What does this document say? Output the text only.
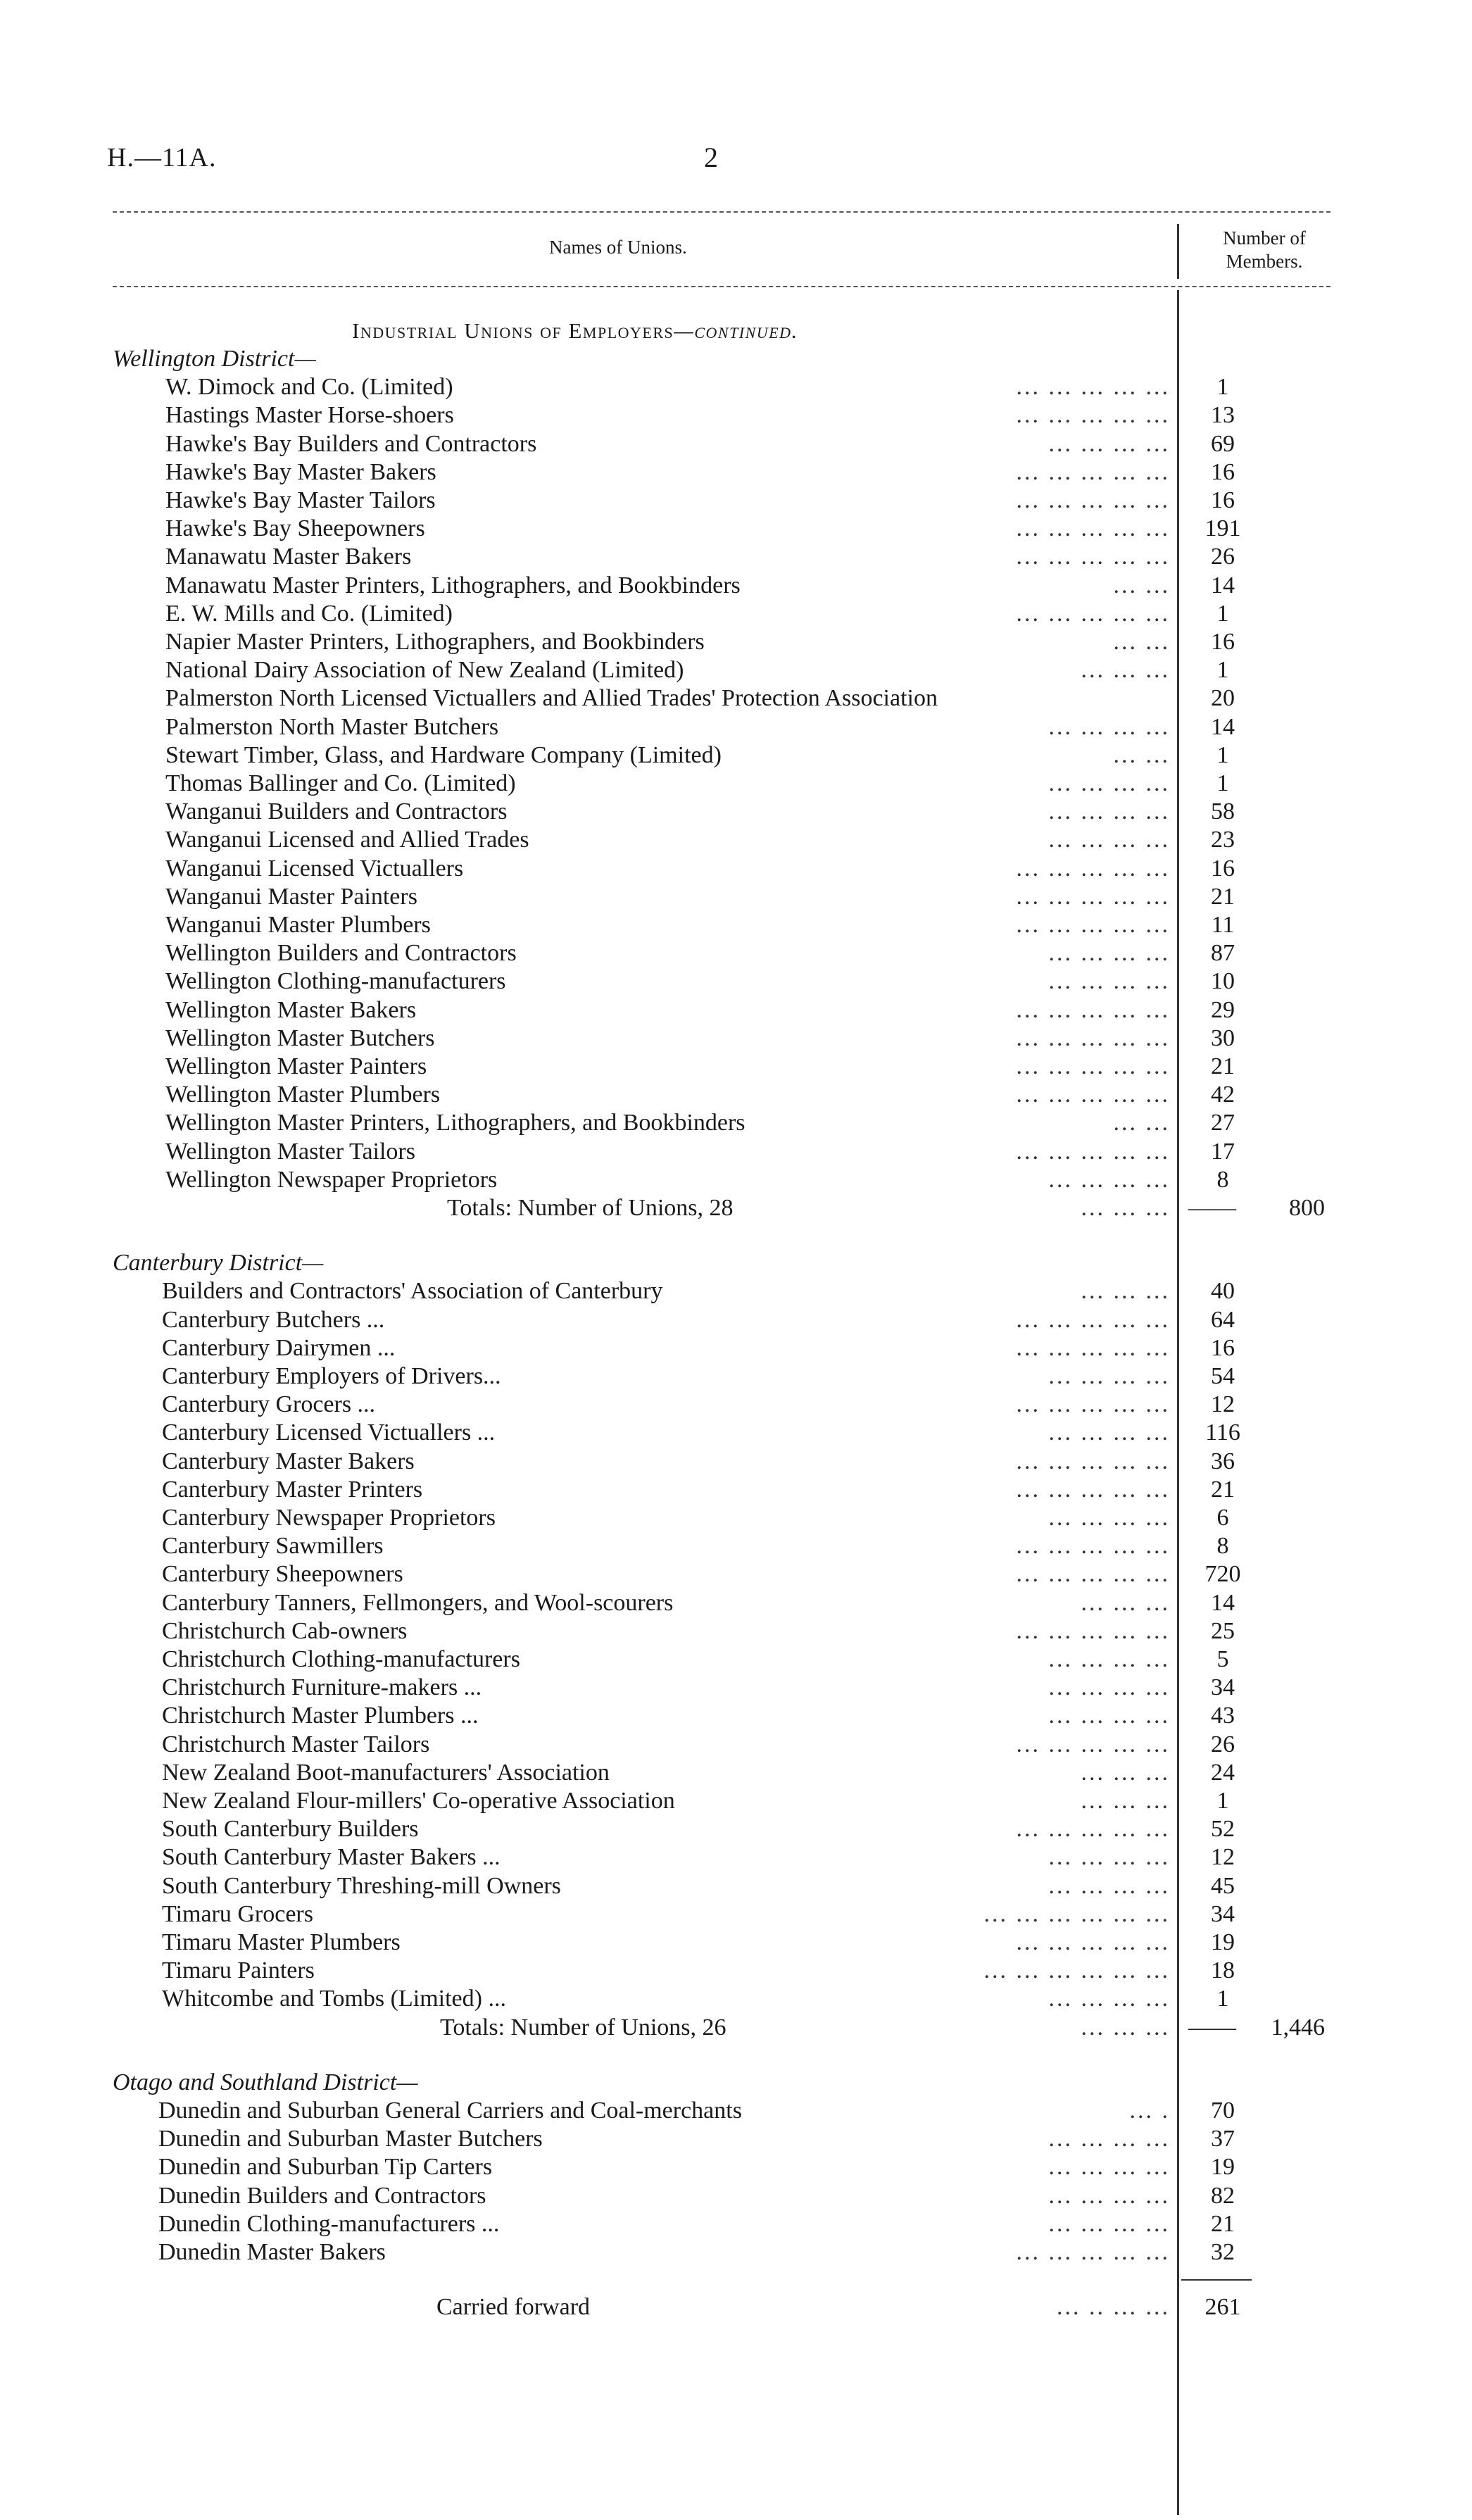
H.—11A.	2
Names of Unions.	Number of
Members.
Industrial Unions of Employers—continued.
Wellington District—
W. Dimock and Co. (Limited)	... ... ... ... ...	1
Hastings Master Horse-shoers	... ... ... ... ...	13
Hawke's Bay Builders and Contractors	... ... ... ...	69
Hawke's Bay Master Bakers	... ... ... ... ...	16
Hawke's Bay Master Tailors	... ... ... ... ...	16
Hawke's Bay Sheepowners	... ... ... ... ...	191
Manawatu Master Bakers	... ... ... ... ...	26
Manawatu Master Printers, Lithographers, and Bookbinders	... ...	14
E. W. Mills and Co. (Limited)	... ... ... ... ...	1
Napier Master Printers, Lithographers, and Bookbinders	... ...	16
National Dairy Association of New Zealand (Limited)	... ... ...	1
Palmerston North Licensed Victuallers and Allied Trades' Protection Association	20
Palmerston North Master Butchers	... ... ... ...	14
Stewart Timber, Glass, and Hardware Company (Limited)	... ...	1
Thomas Ballinger and Co. (Limited)	... ... ... ...	1
Wanganui Builders and Contractors	... ... ... ...	58
Wanganui Licensed and Allied Trades	... ... ... ...	23
Wanganui Licensed Victuallers	... ... ... ... ...	16
Wanganui Master Painters	... ... ... ... ...	21
Wanganui Master Plumbers	... ... ... ... ...	11
Wellington Builders and Contractors	... ... ... ...	87
Wellington Clothing-manufacturers	... ... ... ...	10
Wellington Master Bakers	... ... ... ... ...	29
Wellington Master Butchers	... ... ... ... ...	30
Wellington Master Painters	... ... ... ... ...	21
Wellington Master Plumbers	... ... ... ... ...	42
Wellington Master Printers, Lithographers, and Bookbinders	... ...	27
Wellington Master Tailors	... ... ... ... ...	17
Wellington Newspaper Proprietors	... ... ... ...	8
Totals: Number of Unions, 28	... ... ... ——	800
Canterbury District—
Builders and Contractors' Association of Canterbury	... ... ...	40
Canterbury Butchers ...	... ... ... ... ...	64
Canterbury Dairymen ...	... ... ... ... ...	16
Canterbury Employers of Drivers...	... ... ... ...	54
Canterbury Grocers ...	... ... ... ... ...	12
Canterbury Licensed Victuallers ...	... ... ... ...	116
Canterbury Master Bakers	... ... ... ... ...	36
Canterbury Master Printers	... ... ... ... ...	21
Canterbury Newspaper Proprietors	... ... ... ...	6
Canterbury Sawmillers	... ... ... ... ...	8
Canterbury Sheepowners	... ... ... ... ...	720
Canterbury Tanners, Fellmongers, and Wool-scourers	... ... ...	14
Christchurch Cab-owners	... ... ... ... ...	25
Christchurch Clothing-manufacturers	... ... ... ...	5
Christchurch Furniture-makers ...	... ... ... ...	34
Christchurch Master Plumbers ...	... ... ... ...	43
Christchurch Master Tailors	... ... ... ... ...	26
New Zealand Boot-manufacturers' Association	... ... ...	24
New Zealand Flour-millers' Co-operative Association	... ... ...	1
South Canterbury Builders	... ... ... ... ...	52
South Canterbury Master Bakers ...	... ... ... ...	12
South Canterbury Threshing-mill Owners	... ... ... ...	45
Timaru Grocers	... ... ... ... ... ...	34
Timaru Master Plumbers	... ... ... ... ...	19
Timaru Painters	... ... ... ... ... ...	18
Whitcombe and Tombs (Limited) ...	... ... ... ...	1
Totals: Number of Unions, 26	... ... ... ——	1,446
Otago and Southland District—
Dunedin and Suburban General Carriers and Coal-merchants	... .	70
Dunedin and Suburban Master Butchers	... ... ... ...	37
Dunedin and Suburban Tip Carters	... ... ... ...	19
Dunedin Builders and Contractors	... ... ... ...	82
Dunedin Clothing-manufacturers ...	... ... ... ...	21
Dunedin Master Bakers	... ... ... ... ...	32
Carried forward	... .. ... ...	261
